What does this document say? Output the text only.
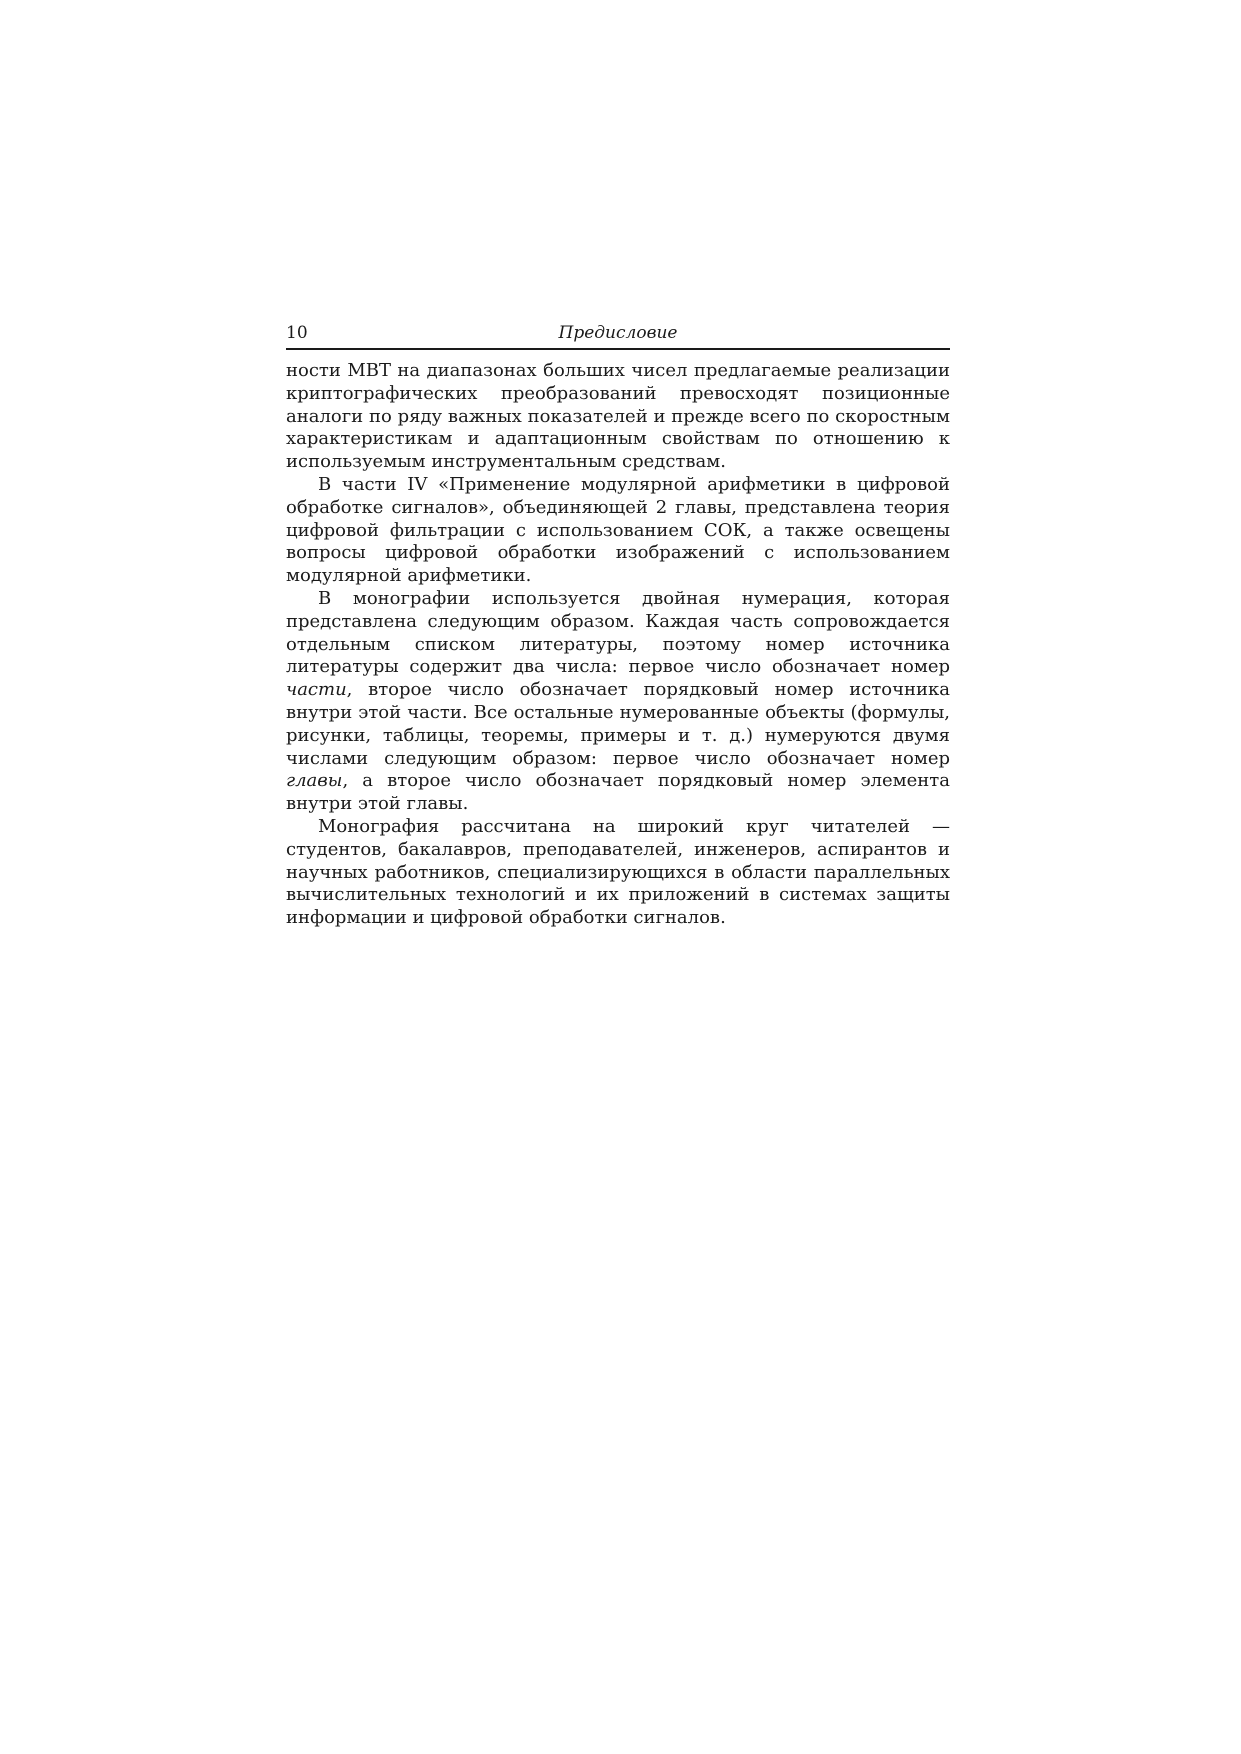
10	Предисловие

ности МВТ на диапазонах больших чисел предлагаемые реализации криптографических преобразований превосходят позиционные аналоги по ряду важных показателей и прежде всего по скоростным характеристикам и адаптационным свойствам по отношению к используемым инструментальным средствам.

В части IV «Применение модулярной арифметики в цифровой обработке сигналов», объединяющей 2 главы, представлена теория цифровой фильтрации с использованием СОК, а также освещены вопросы цифровой обработки изображений с использованием модулярной арифметики.

В монографии используется двойная нумерация, которая представлена следующим образом. Каждая часть сопровождается отдельным списком литературы, поэтому номер источника литературы содержит два числа: первое число обозначает номер части, второе число обозначает порядковый номер источника внутри этой части. Все остальные нумерованные объекты (формулы, рисунки, таблицы, теоремы, примеры и т. д.) нумеруются двумя числами следующим образом: первое число обозначает номер главы, а второе число обозначает порядковый номер элемента внутри этой главы.

Монография рассчитана на широкий круг читателей — студентов, бакалавров, преподавателей, инженеров, аспирантов и научных работников, специализирующихся в области параллельных вычислительных технологий и их приложений в системах защиты информации и цифровой обработки сигналов.
